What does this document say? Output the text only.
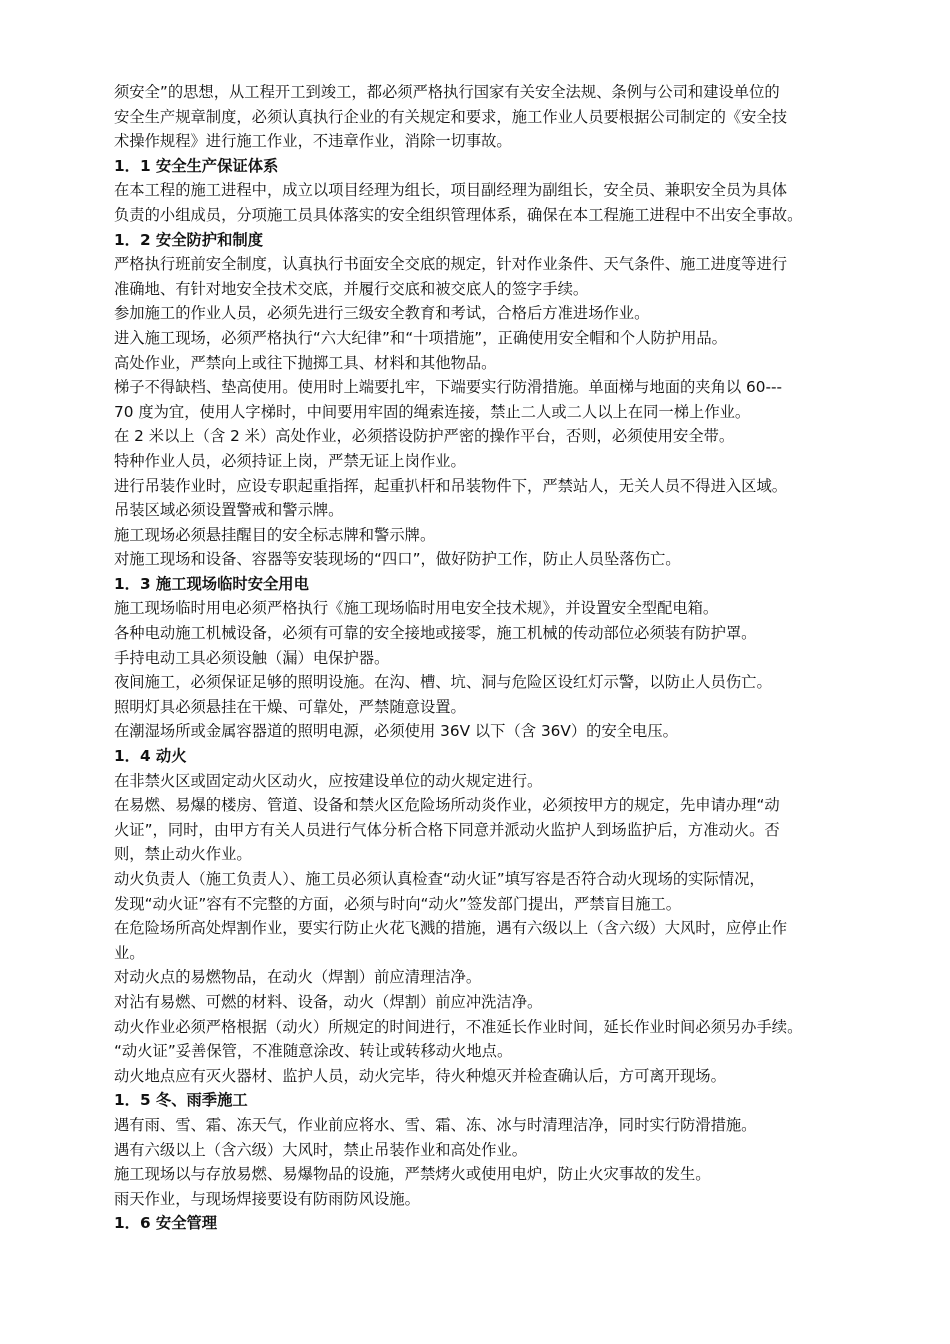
须安全”的思想，从工程开工到竣工，都必须严格执行国家有关安全法规、条例与公司和建设单位的
安全生产规章制度，必须认真执行企业的有关规定和要求，施工作业人员要根据公司制定的《安全技
术操作规程》进行施工作业，不违章作业，消除一切事故。
1．1 安全生产保证体系
在本工程的施工进程中，成立以项目经理为组长，项目副经理为副组长，安全员、兼职安全员为具体
负责的小组成员，分项施工员具体落实的安全组织管理体系，确保在本工程施工进程中不出安全事故。
1．2 安全防护和制度
严格执行班前安全制度，认真执行书面安全交底的规定，针对作业条件、天气条件、施工进度等进行
准确地、有针对地安全技术交底，并履行交底和被交底人的签字手续。
参加施工的作业人员，必须先进行三级安全教育和考试，合格后方准进场作业。
进入施工现场，必须严格执行“六大纪律”和“十项措施”，正确使用安全帽和个人防护用品。
高处作业，严禁向上或往下抛掷工具、材料和其他物品。
梯子不得缺档、垫高使用。使用时上端要扎牢，下端要实行防滑措施。单面梯与地面的夹角以 60---
70 度为宜，使用人字梯时，中间要用牢固的绳索连接，禁止二人或二人以上在同一梯上作业。
在 2 米以上（含 2 米）高处作业，必须搭设防护严密的操作平台，否则，必须使用安全带。
特种作业人员，必须持证上岗，严禁无证上岗作业。
进行吊装作业时，应设专职起重指挥，起重扒杆和吊装物件下，严禁站人，无关人员不得进入区域。
吊装区域必须设置警戒和警示牌。
施工现场必须悬挂醒目的安全标志牌和警示牌。
对施工现场和设备、容器等安装现场的“四口”，做好防护工作，防止人员坠落伤亡。
1．3 施工现场临时安全用电
施工现场临时用电必须严格执行《施工现场临时用电安全技术规》，并设置安全型配电箱。
各种电动施工机械设备，必须有可靠的安全接地或接零，施工机械的传动部位必须装有防护罩。
手持电动工具必须设触（漏）电保护器。
夜间施工，必须保证足够的照明设施。在沟、槽、坑、洞与危险区设红灯示警，以防止人员伤亡。
照明灯具必须悬挂在干燥、可靠处，严禁随意设置。
在潮湿场所或金属容器道的照明电源，必须使用 36V 以下（含 36V）的安全电压。
1．4 动火
在非禁火区或固定动火区动火，应按建设单位的动火规定进行。
在易燃、易爆的楼房、管道、设备和禁火区危险场所动炎作业，必须按甲方的规定，先申请办理“动
火证”，同时，由甲方有关人员进行气体分析合格下同意并派动火监护人到场监护后，方准动火。否
则，禁止动火作业。
动火负责人（施工负责人）、施工员必须认真检查“动火证”填写容是否符合动火现场的实际情况，
发现“动火证”容有不完整的方面，必须与时向“动火”签发部门提出，严禁盲目施工。
在危险场所高处焊割作业，要实行防止火花飞溅的措施，遇有六级以上（含六级）大风时，应停止作
业。
对动火点的易燃物品，在动火（焊割）前应清理洁净。
对沾有易燃、可燃的材料、设备，动火（焊割）前应冲洗洁净。
动火作业必须严格根据（动火）所规定的时间进行，不准延长作业时间，延长作业时间必须另办手续。
“动火证”妥善保管，不准随意涂改、转让或转移动火地点。
动火地点应有灭火器材、监护人员，动火完毕，待火种熄灭并检查确认后，方可离开现场。
1．5 冬、雨季施工
遇有雨、雪、霜、冻天气，作业前应将水、雪、霜、冻、冰与时清理洁净，同时实行防滑措施。
遇有六级以上（含六级）大风时，禁止吊装作业和高处作业。
施工现场以与存放易燃、易爆物品的设施，严禁烤火或使用电炉，防止火灾事故的发生。
雨天作业，与现场焊接要设有防雨防风设施。
1．6 安全管理
